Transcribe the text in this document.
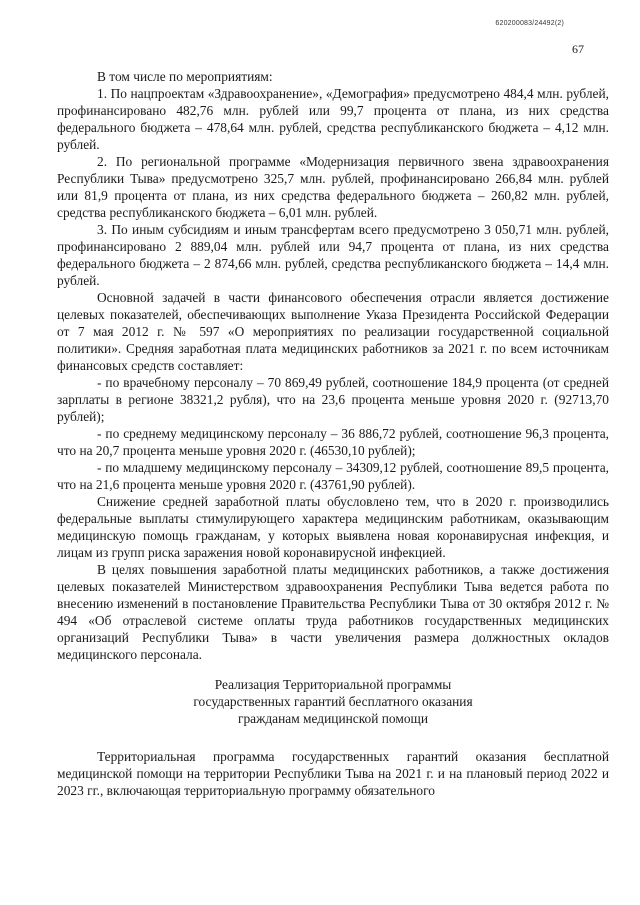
620200083/24492(2)
67

В том числе по мероприятиям:

1. По нацпроектам «Здравоохранение», «Демография» предусмотрено 484,4 млн. рублей, профинансировано 482,76 млн. рублей или 99,7 процента от плана, из них средства федерального бюджета – 478,64 млн. рублей, средства республиканского бюджета – 4,12 млн. рублей.

2. По региональной программе «Модернизация первичного звена здравоохранения Республики Тыва» предусмотрено 325,7 млн. рублей, профинансировано 266,84 млн. рублей или 81,9 процента от плана, из них средства федерального бюджета – 260,82 млн. рублей, средства республиканского бюджета – 6,01 млн. рублей.

3. По иным субсидиям и иным трансфертам всего предусмотрено 3 050,71 млн. рублей, профинансировано 2 889,04 млн. рублей или 94,7 процента от плана, из них средства федерального бюджета – 2 874,66 млн. рублей, средства республиканского бюджета – 14,4 млн. рублей.

Основной задачей в части финансового обеспечения отрасли является достижение целевых показателей, обеспечивающих выполнение Указа Президента Российской Федерации от 7 мая 2012 г. № 597 «О мероприятиях по реализации государственной социальной политики». Средняя заработная плата медицинских работников за 2021 г. по всем источникам финансовых средств составляет:

- по врачебному персоналу – 70 869,49 рублей, соотношение 184,9 процента (от средней зарплаты в регионе 38321,2 рубля), что на 23,6 процента меньше уровня 2020 г. (92713,70 рублей);

- по среднему медицинскому персоналу – 36 886,72 рублей, соотношение 96,3 процента, что на 20,7 процента меньше уровня 2020 г. (46530,10 рублей);

- по младшему медицинскому персоналу – 34309,12 рублей, соотношение 89,5 процента, что на 21,6 процента меньше уровня 2020 г. (43761,90 рублей).

Снижение средней заработной платы обусловлено тем, что в 2020 г. производились федеральные выплаты стимулирующего характера медицинским работникам, оказывающим медицинскую помощь гражданам, у которых выявлена новая коронавирусная инфекция, и лицам из групп риска заражения новой коронавирусной инфекцией.

В целях повышения заработной платы медицинских работников, а также достижения целевых показателей Министерством здравоохранения Республики Тыва ведется работа по внесению изменений в постановление Правительства Республики Тыва от 30 октября 2012 г. № 494 «Об отраслевой системе оплаты труда работников государственных медицинских организаций Республики Тыва» в части увеличения размера должностных окладов медицинского персонала.

Реализация Территориальной программы
государственных гарантий бесплатного оказания
гражданам медицинской помощи

Территориальная программа государственных гарантий оказания бесплатной медицинской помощи на территории Республики Тыва на 2021 г. и на плановый период 2022 и 2023 гг., включающая территориальную программу обязательного
